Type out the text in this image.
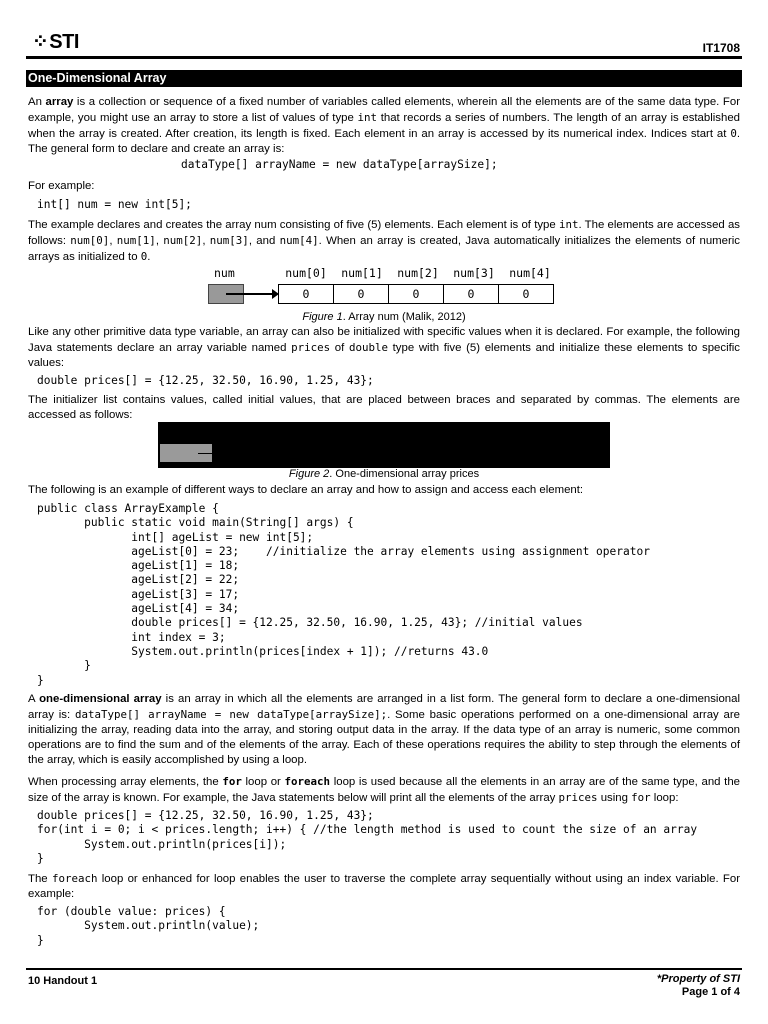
⁘STI	IT1708
One-Dimensional Array
An array is a collection or sequence of a fixed number of variables called elements, wherein all the elements are of the same data type. For example, you might use an array to store a list of values of type int that records a series of numbers. The length of an array is established when the array is created. After creation, its length is fixed. Each element in an array is accessed by its numerical index. Indices start at 0. The general form to declare and create an array is:
dataType[] arrayName = new dataType[arraySize];
For example:
int[] num = new int[5];
The example declares and creates the array num consisting of five (5) elements. Each element is of type int. The elements are accessed as follows: num[0], num[1], num[2], num[3], and num[4]. When an array is created, Java automatically initializes the elements of numeric arrays as initialized to 0.
num	num[0]	num[1]	num[2]	num[3]	num[4]
0	0	0	0	0
Figure 1. Array num (Malik, 2012)
Like any other primitive data type variable, an array can also be initialized with specific values when it is declared. For example, the following Java statements declare an array variable named prices of double type with five (5) elements and initialize these elements to specific values:
double prices[] = {12.25, 32.50, 16.90, 1.25, 43};
The initializer list contains values, called initial values, that are placed between braces and separated by commas. The elements are accessed as follows:
Figure 2. One-dimensional array prices
The following is an example of different ways to declare an array and how to assign and access each element:
public class ArrayExample {
public static void main(String[] args) {
int[] ageList = new int[5];
ageList[0] = 23;    //initialize the array elements using assignment operator
ageList[1] = 18;
ageList[2] = 22;
ageList[3] = 17;
ageList[4] = 34;
double prices[] = {12.25, 32.50, 16.90, 1.25, 43}; //initial values
int index = 3;
System.out.println(prices[index + 1]); //returns 43.0
}
}
A one-dimensional array is an array in which all the elements are arranged in a list form. The general form to declare a one-dimensional array is: dataType[] arrayName = new dataType[arraySize];. Some basic operations performed on a one-dimensional array are initializing the array, reading data into the array, and storing output data in the array. If the data type of an array is numeric, some common operations are to find the sum and of the elements of the array. Each of these operations requires the ability to step through the elements of the array, which is easily accomplished by using a loop.
When processing array elements, the for loop or foreach loop is used because all the elements in an array are of the same type, and the size of the array is known. For example, the Java statements below will print all the elements of the array prices using for loop:
double prices[] = {12.25, 32.50, 16.90, 1.25, 43};
for(int i = 0; i < prices.length; i++) { //the length method is used to count the size of an array
System.out.println(prices[i]);
}
The foreach loop or enhanced for loop enables the user to traverse the complete array sequentially without using an index variable. For example:
for (double value: prices) {
System.out.println(value);
}
10 Handout 1	*Property of STI
Page 1 of 4
